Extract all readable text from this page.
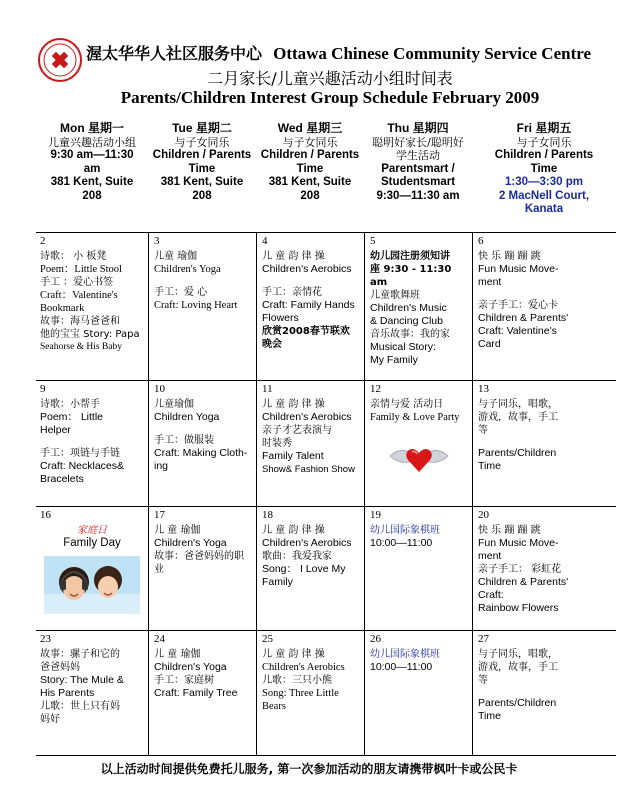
渥太华华人社区服务中心 Ottawa Chinese Community Service Centre
二月家长/儿童兴趣活动小组时间表
Parents/Children Interest Group Schedule February 2009
Mon 星期一
儿童兴趣活动小组
9:30 am—11:30
am
381 Kent, Suite
208
Tue 星期二
与子女同乐
Children / Parents
Time
381 Kent, Suite
208
Wed 星期三
与子女同乐
Children / Parents
Time
381 Kent, Suite
208
Thu 星期四
聪明好家长/聪明好
学生活动
Parentsmart /
Studentsmart
9:30—11:30 am
Fri 星期五
与子女同乐
Children / Parents
Time
1:30—3:30 pm
2 MacNell Court,
Kanata
2
诗歌： 小 板凳
Poem：Little Stool
手工 ：爱心书签
Craft：Valentine's
Bookmark
故事：海马爸爸和
他的宝宝 Story: Papa
Seahorse & His Baby
3
儿童 瑜伽
Children's Yoga
手工：爱 心
Craft: Loving Heart
4
儿 童 韵 律 操
Children's Aerobics
手工：亲情花
Craft: Family Hands
Flowers
欣赏2008春节联欢
晚会
5
幼儿园注册须知讲
座 9:30 - 11:30 am
儿童歌舞班
Children's Music
& Dancing Club
音乐故事：我的家
Musical Story:
My Family
6
快 乐 蹦 蹦 跳
Fun Music Move-
ment
亲子手工：爱心卡
Children & Parents'
Craft: Valentine's
Card
9
诗歌：小帮手
Poem： Little
Helper
手工：项链与手链
Craft: Necklaces&
Bracelets
10
儿童瑜伽
Children Yoga
手工：做服装
Craft: Making Cloth-
ing
11
儿 童 韵 律 操
Children's Aerobics
亲子才艺表演与
时装秀
Family Talent
Show& Fashion Show
12
亲情与爱 活动日
Family & Love Party
13
与子同乐，唱歌，
游戏，故事，手工
等
Parents/Children
Time
16
家庭日
Family Day
17
儿 童 瑜伽
Children's Yoga
故事：爸爸妈妈的职
业
18
儿 童 韵 律 操
Children's Aerobics
歌曲：我爱我家
Song： I Love My
Family
19
幼儿国际象棋班
10:00—11:00
20
快 乐 蹦 蹦 跳
Fun Music Move-
ment
亲子手工： 彩虹花
Children & Parents'
Craft:
Rainbow Flowers
23
故事：骡子和它的
爸爸妈妈
Story: The Mule &
His Parents
儿歌：世上只有妈
妈好
24
儿 童 瑜伽
Children's Yoga
手工：家庭树
Craft: Family Tree
25
儿 童 韵 律 操
Children's Aerobics
儿歌：三只小熊
Song: Three Little
Bears
26
幼儿国际象棋班
10:00—11:00
27
与子同乐，唱歌，
游戏，故事，手工
等
Parents/Children
Time
以上活动时间提供免费托儿服务, 第一次参加活动的朋友请携带枫叶卡或公民卡
